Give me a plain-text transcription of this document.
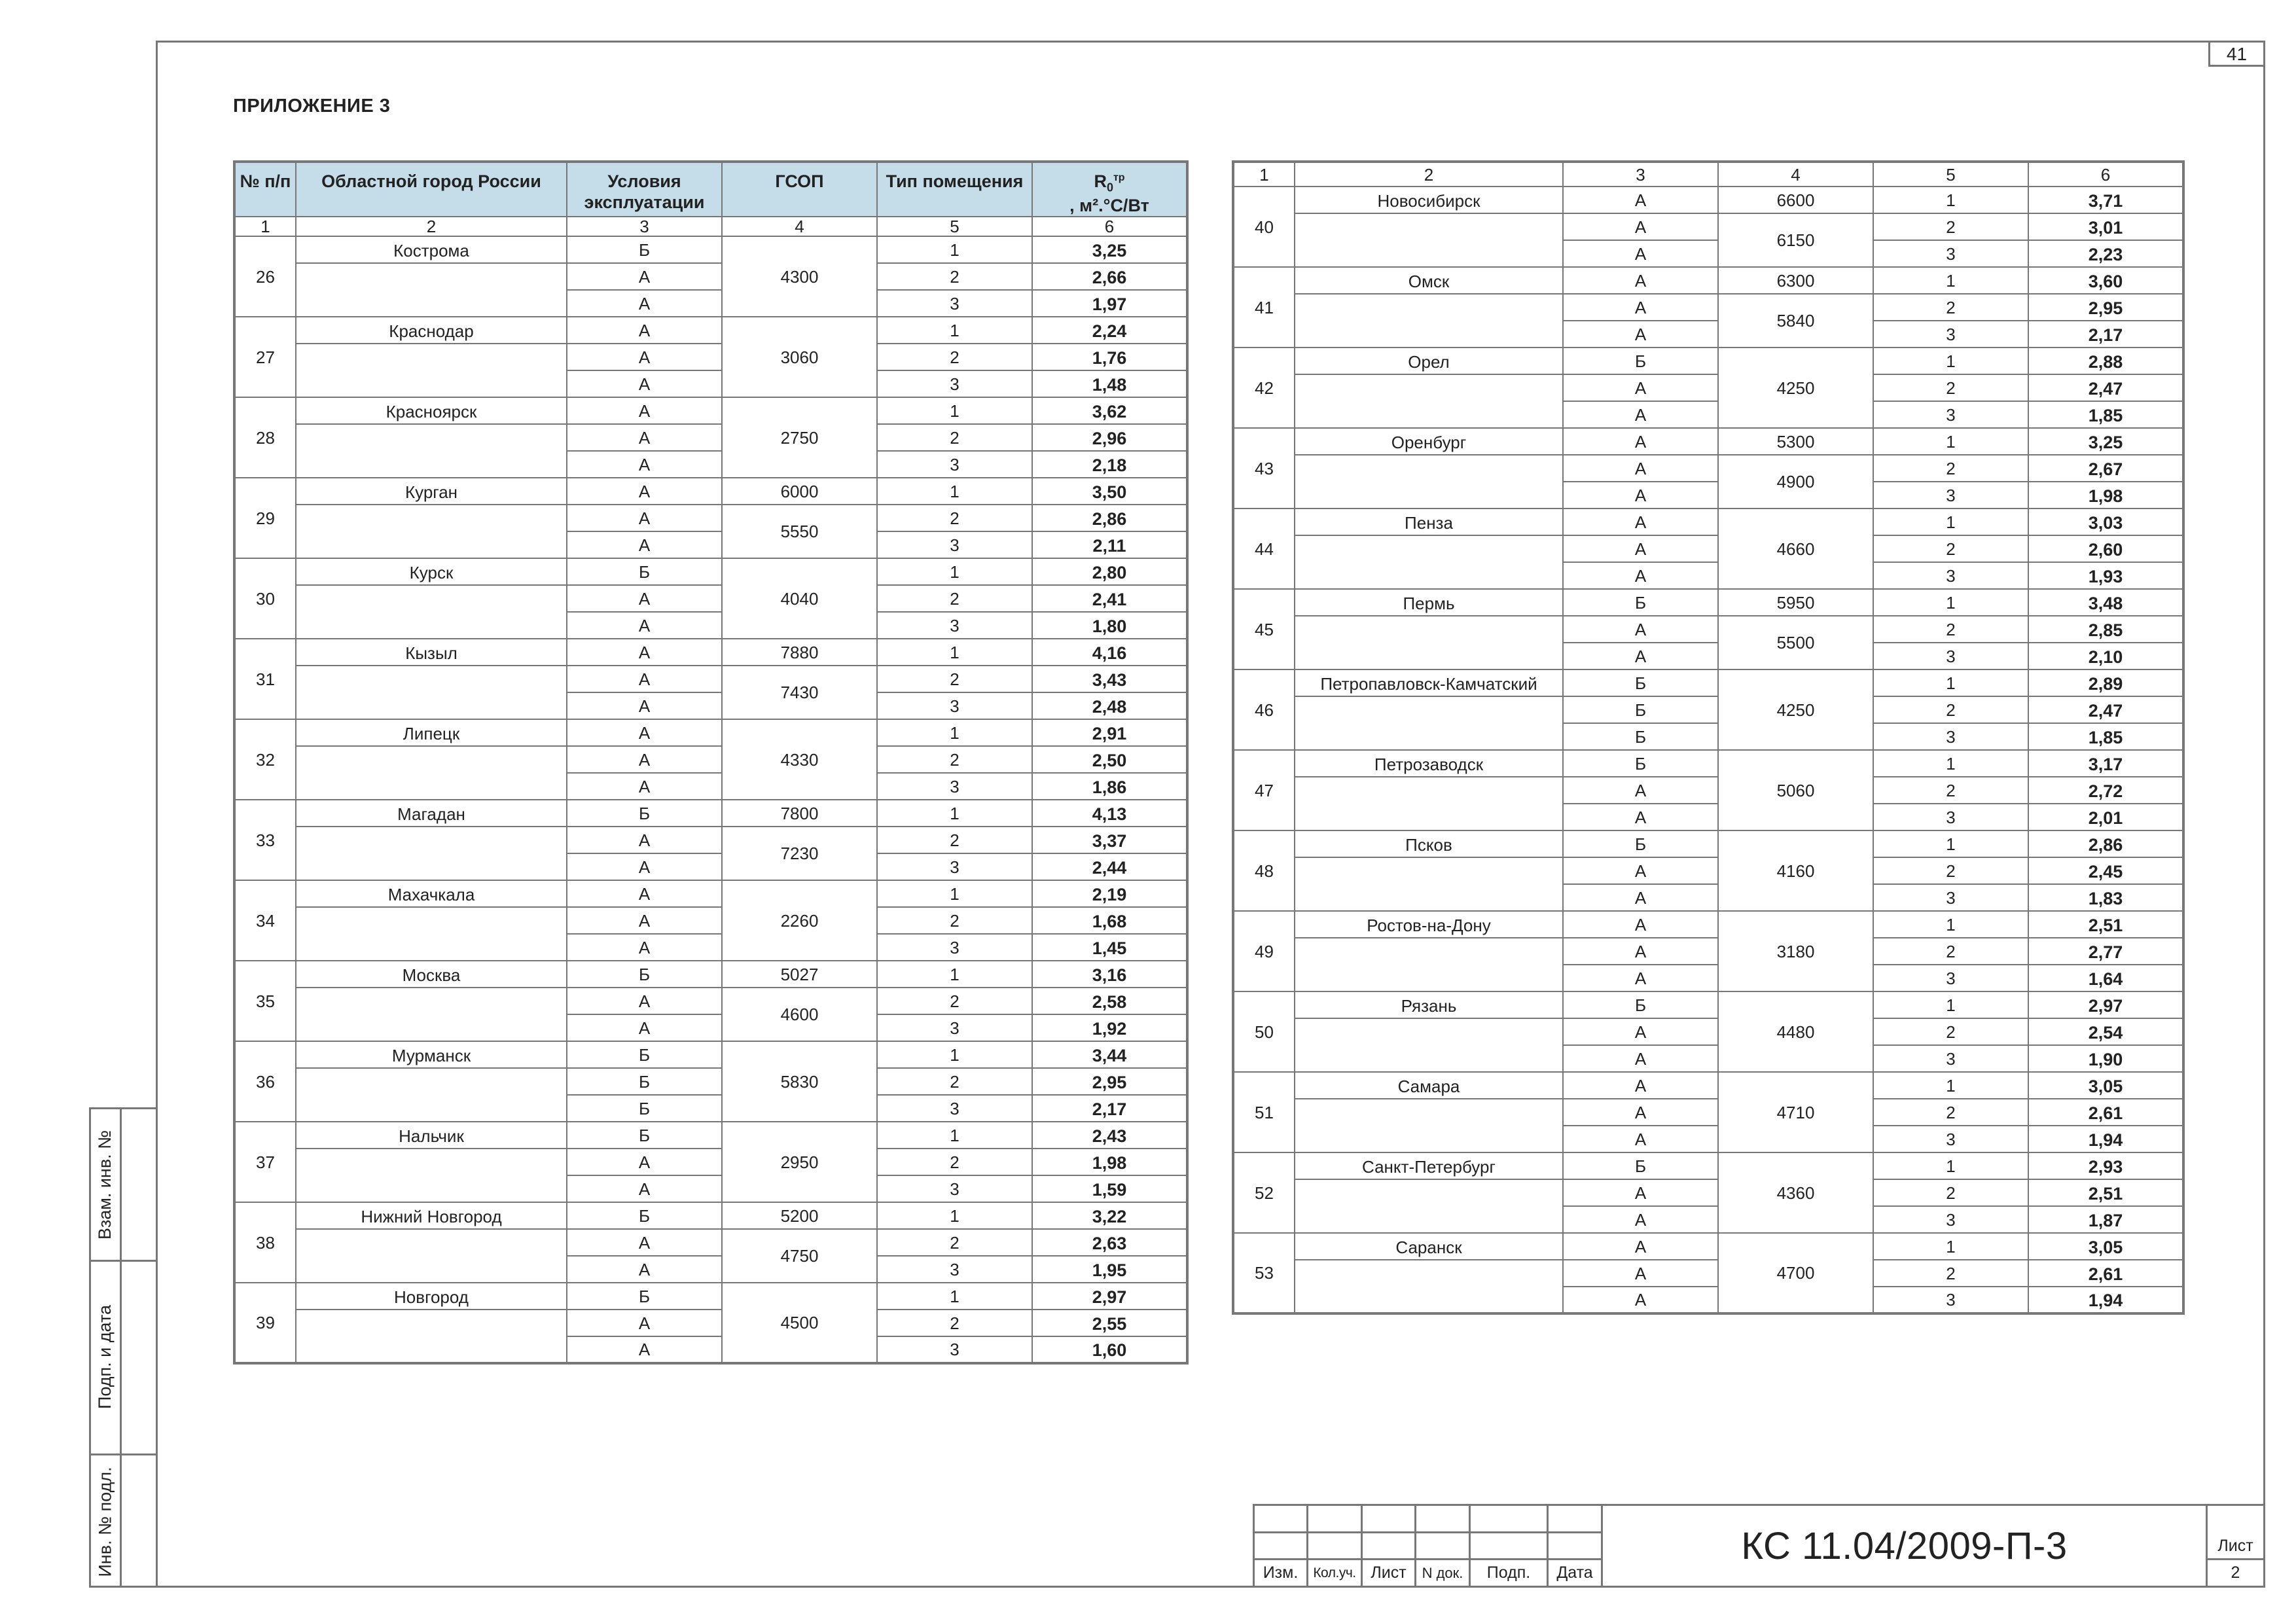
41
ПРИЛОЖЕНИЕ 3
Взам. инв. №
Подп. и дата
Инв. № подл.
№ п/п	Областной город России	Условия эксплуатации	ГСОП	Тип помещения	$R_0^{тр}$
, м².°С/Вт
1	2	3	4	5	6
26	Кострома	Б	4300	1	3,25
		А		2	2,66
		А		3	1,97
27	Краснодар	А	3060	1	2,24
		А		2	1,76
		А		3	1,48
28	Красноярск	А	2750	1	3,62
		А		2	2,96
		А		3	2,18
29	Курган	А	6000	1	3,50
		А	5550	2	2,86
		А		3	2,11
30	Курск	Б	4040	1	2,80
		А		2	2,41
		А		3	1,80
31	Кызыл	А	7880	1	4,16
		А	7430	2	3,43
		А		3	2,48
32	Липецк	А	4330	1	2,91
		А		2	2,50
		А		3	1,86
33	Магадан	Б	7800	1	4,13
		А	7230	2	3,37
		А		3	2,44
34	Махачкала	А	2260	1	2,19
		А		2	1,68
		А		3	1,45
35	Москва	Б	5027	1	3,16
		А	4600	2	2,58
		А		3	1,92
36	Мурманск	Б	5830	1	3,44
		Б		2	2,95
		Б		3	2,17
37	Нальчик	Б	2950	1	2,43
		А		2	1,98
		А		3	1,59
38	Нижний Новгород	Б	5200	1	3,22
		А	4750	2	2,63
		А		3	1,95
39	Новгород	Б	4500	1	2,97
		А		2	2,55
		А		3	1,60
1	2	3	4	5	6
40	Новосибирск	А	6600	1	3,71
		А	6150	2	3,01
		А		3	2,23
41	Омск	А	6300	1	3,60
		А	5840	2	2,95
		А		3	2,17
42	Орел	Б	4250	1	2,88
		А		2	2,47
		А		3	1,85
43	Оренбург	А	5300	1	3,25
		А	4900	2	2,67
		А		3	1,98
44	Пенза	А	4660	1	3,03
		А		2	2,60
		А		3	1,93
45	Пермь	Б	5950	1	3,48
		А	5500	2	2,85
		А		3	2,10
46	Петропавловск-Камчатский	Б	4250	1	2,89
		Б		2	2,47
		Б		3	1,85
47	Петрозаводск	Б	5060	1	3,17
		А		2	2,72
		А		3	2,01
48	Псков	Б	4160	1	2,86
		А		2	2,45
		А		3	1,83
49	Ростов-на-Дону	А	3180	1	2,51
		А		2	2,77
		А		3	1,64
50	Рязань	Б	4480	1	2,97
		А		2	2,54
		А		3	1,90
51	Самара	А	4710	1	3,05
		А		2	2,61
		А		3	1,94
52	Санкт-Петербург	Б	4360	1	2,93
		А		2	2,51
		А		3	1,87
53	Саранск	А	4700	1	3,05
		А		2	2,61
		А		3	1,94
						КС 11.04/2009-П-3	Лист

Изм.	Кол.уч.	Лист	N док.	Подп.	Дата		2
